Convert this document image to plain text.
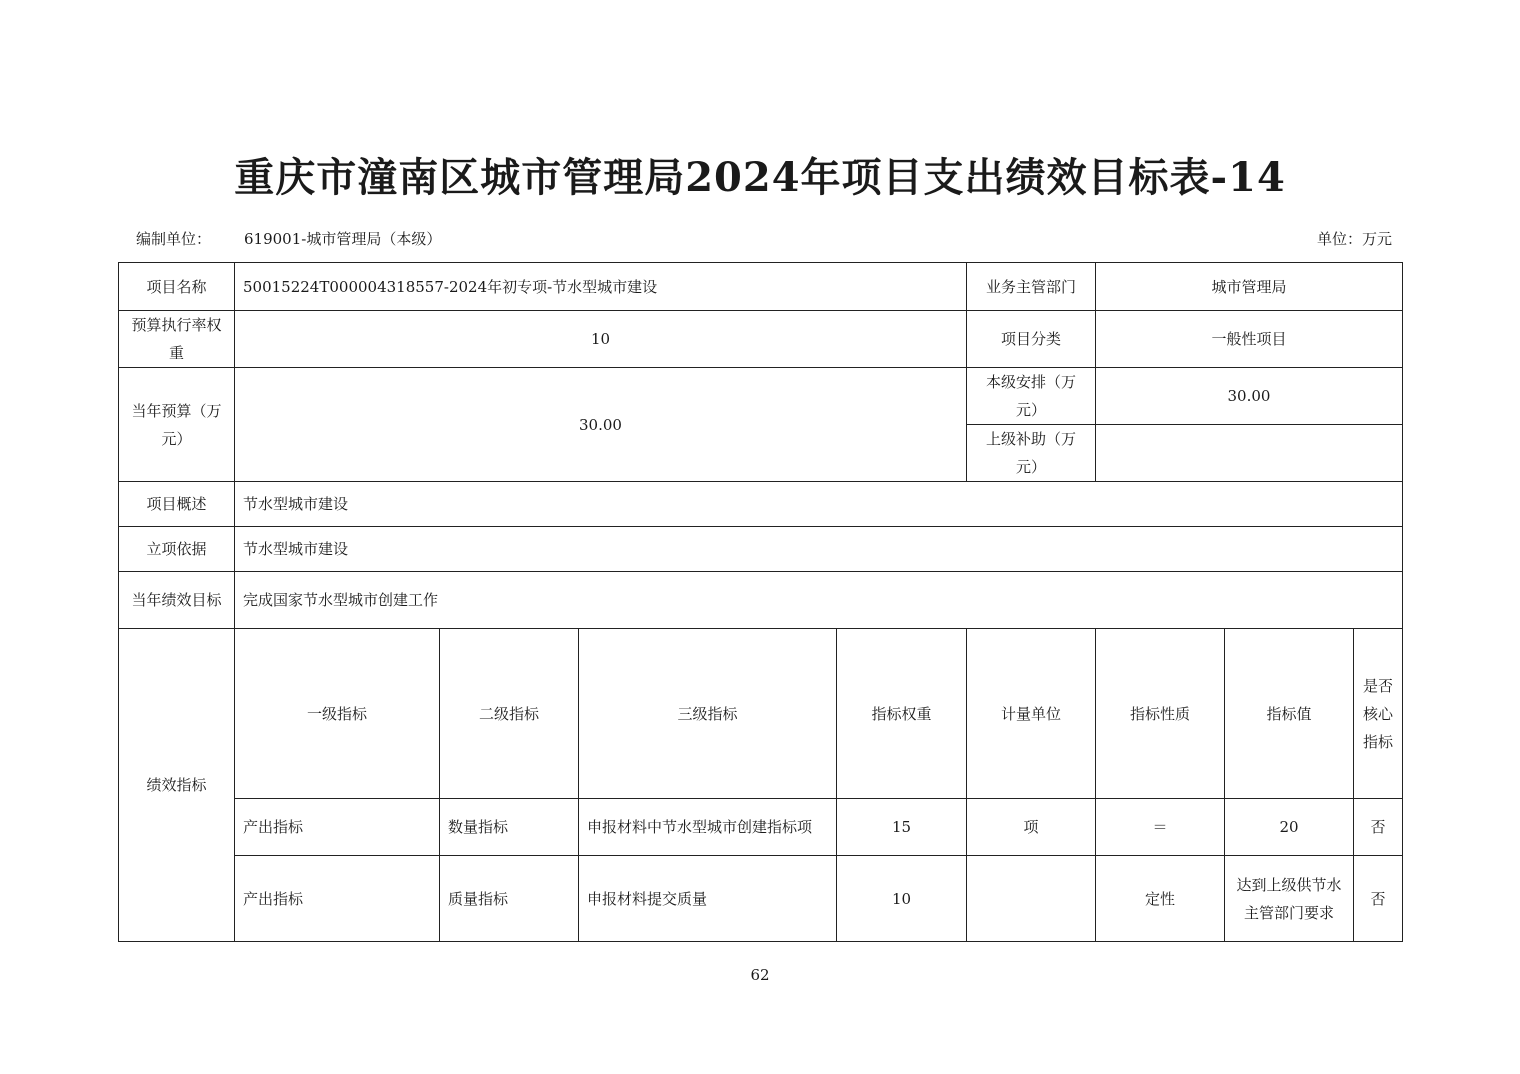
重庆市潼南区城市管理局2024年项目支出绩效目标表-14
编制单位： 619001-城市管理局（本级）	单位：万元
项目名称	50015224T000004318557-2024年初专项-节水型城市建设				业务主管部门	城市管理局		
预算执行率权重	10				项目分类	一般性项目		
当年预算（万元）	30.00				本级安排（万元）	30.00		
					上级补助（万元）			
项目概述	节水型城市建设							
立项依据	节水型城市建设							
当年绩效目标	完成国家节水型城市创建工作							
绩效指标	一级指标	二级指标	三级指标	指标权重	计量单位	指标性质	指标值	是否核心指标
	产出指标	数量指标	申报材料中节水型城市创建指标项	15	项	＝	20	否
	产出指标	质量指标	申报材料提交质量	10		定性	达到上级供节水主管部门要求	否
62
